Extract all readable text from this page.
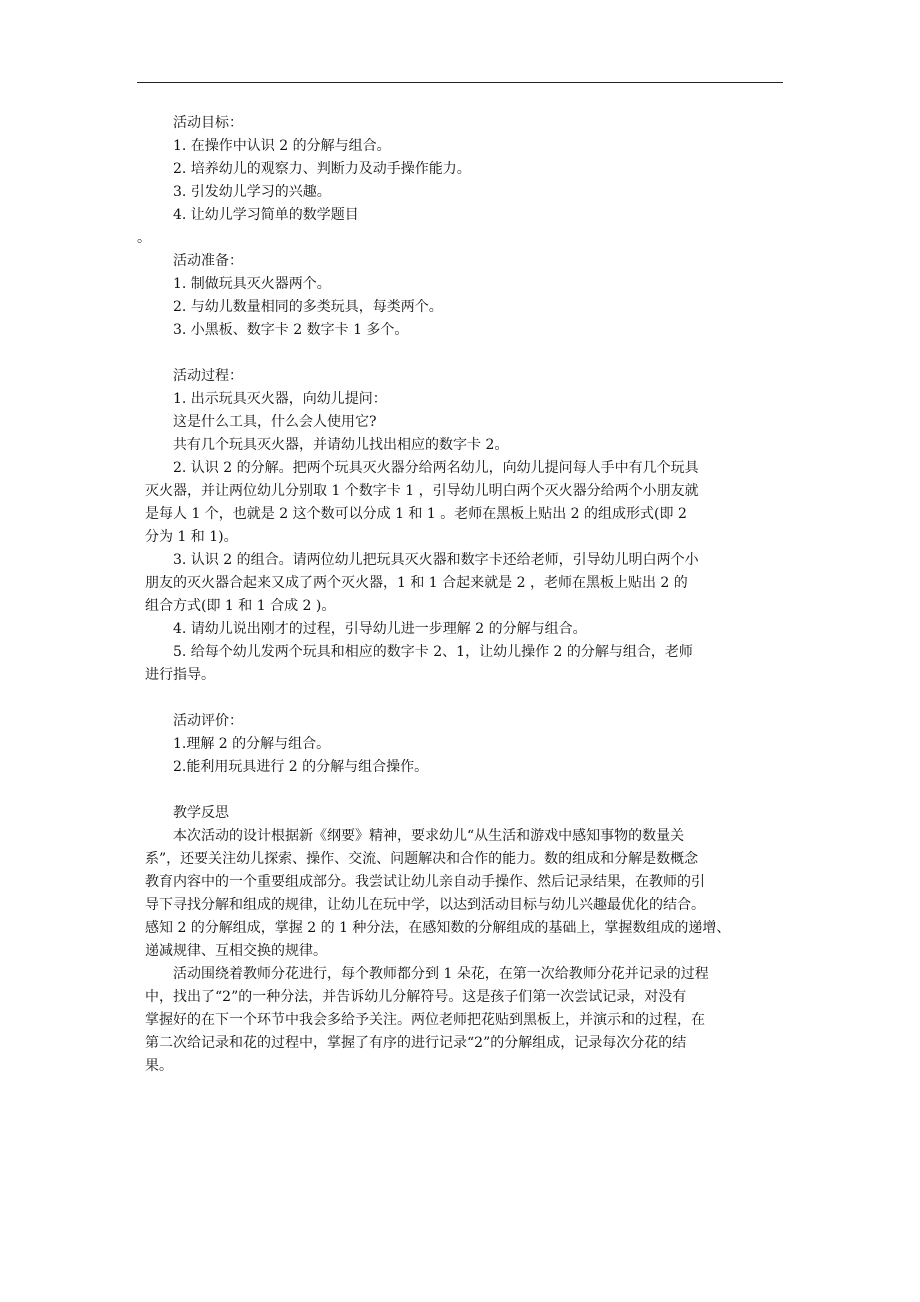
活动目标：
1. 在操作中认识 2 的分解与组合。
2. 培养幼儿的观察力、判断力及动手操作能力。
3. 引发幼儿学习的兴趣。
4. 让幼儿学习简单的数学题目
。
活动准备：
1. 制做玩具灭火器两个。
2. 与幼儿数量相同的多类玩具，每类两个。
3. 小黑板、数字卡 2 数字卡 1 多个。
活动过程：
1. 出示玩具灭火器，向幼儿提问：
这是什么工具，什么会人使用它?
共有几个玩具灭火器，并请幼儿找出相应的数字卡 2。
2. 认识 2 的分解。把两个玩具灭火器分给两名幼儿，向幼儿提问每人手中有几个玩具
灭火器，并让两位幼儿分别取 1 个数字卡 1 ，引导幼儿明白两个灭火器分给两个小朋友就
是每人 1 个，也就是 2 这个数可以分成 1 和 1 。老师在黑板上贴出 2 的组成形式(即 2
分为 1 和 1)。
3. 认识 2 的组合。请两位幼儿把玩具灭火器和数字卡还给老师，引导幼儿明白两个小
朋友的灭火器合起来又成了两个灭火器，1 和 1 合起来就是 2 ，老师在黑板上贴出 2 的
组合方式(即 1 和 1 合成 2 )。
4. 请幼儿说出刚才的过程，引导幼儿进一步理解 2 的分解与组合。
5. 给每个幼儿发两个玩具和相应的数字卡 2、1，让幼儿操作 2 的分解与组合，老师
进行指导。
活动评价：
1.理解 2 的分解与组合。
2.能利用玩具进行 2 的分解与组合操作。
教学反思
本次活动的设计根据新《纲要》精神，要求幼儿“从生活和游戏中感知事物的数量关
系”，还要关注幼儿探索、操作、交流、问题解决和合作的能力。数的组成和分解是数概念
教育内容中的一个重要组成部分。我尝试让幼儿亲自动手操作、然后记录结果，在教师的引
导下寻找分解和组成的规律，让幼儿在玩中学，以达到活动目标与幼儿兴趣最优化的结合。
感知 2 的分解组成，掌握 2 的 1 种分法，在感知数的分解组成的基础上，掌握数组成的递增、
递减规律、互相交换的规律。
活动围绕着教师分花进行，每个教师都分到 1 朵花，在第一次给教师分花并记录的过程
中，找出了“2”的一种分法，并告诉幼儿分解符号。这是孩子们第一次尝试记录，对没有
掌握好的在下一个环节中我会多给予关注。两位老师把花贴到黑板上，并演示和的过程，在
第二次给记录和花的过程中，掌握了有序的进行记录“2”的分解组成，记录每次分花的结
果。
